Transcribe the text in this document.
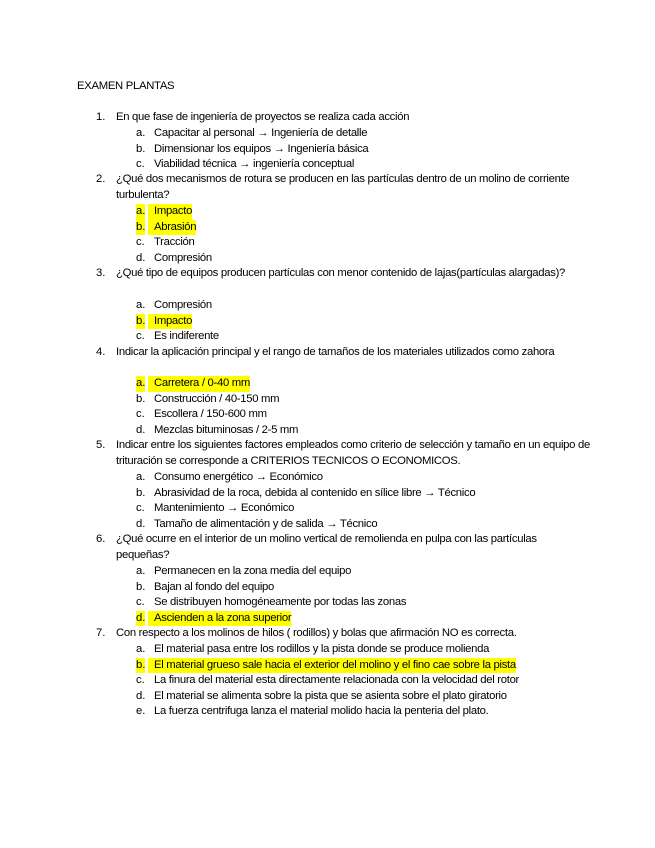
EXAMEN PLANTAS
1. En que fase de ingeniería de proyectos se realiza cada acción
a. Capacitar al personal → Ingeniería de detalle
b. Dimensionar los equipos → Ingeniería básica
c. Viabilidad técnica → ingeniería conceptual
2. ¿Qué dos mecanismos de rotura se producen en las partículas dentro de un molino de corriente turbulenta?
a. Impacto
b. Abrasión
c. Tracción
d. Compresión
3. ¿Qué tipo de equipos producen partículas con menor contenido de lajas(partículas alargadas)?
a. Compresión
b. Impacto
c. Es indiferente
4. Indicar la aplicación principal y el rango de tamaños de los materiales utilizados como zahora
a. Carretera / 0-40 mm
b. Construcción / 40-150 mm
c. Escollera / 150-600 mm
d. Mezclas bituminosas / 2-5 mm
5. Indicar entre los siguientes factores empleados como criterio de selección y tamaño en un equipo de trituración se corresponde a CRITERIOS TECNICOS O ECONOMICOS.
a. Consumo energético → Económico
b. Abrasividad de la roca, debida al contenido en sílice libre → Técnico
c. Mantenimiento → Económico
d. Tamaño de alimentación y de salida → Técnico
6. ¿Qué ocurre en el interior de un molino vertical de remolienda en pulpa con las partículas pequeñas?
a. Permanecen en la zona media del equipo
b. Bajan al fondo del equipo
c. Se distribuyen homogéneamente por todas las zonas
d. Ascienden a la zona superior
7. Con respecto a los molinos de hilos ( rodillos) y bolas que afirmación NO es correcta.
a. El material pasa entre los rodillos y la pista donde se produce molienda
b. El material grueso sale hacia el exterior del molino y el fino cae sobre la pista
c. La finura del material esta directamente relacionada con la velocidad del rotor
d. El material se alimenta sobre la pista que se asienta sobre el plato giratorio
e. La fuerza centrifuga lanza el material molido hacia la penteria del plato.
